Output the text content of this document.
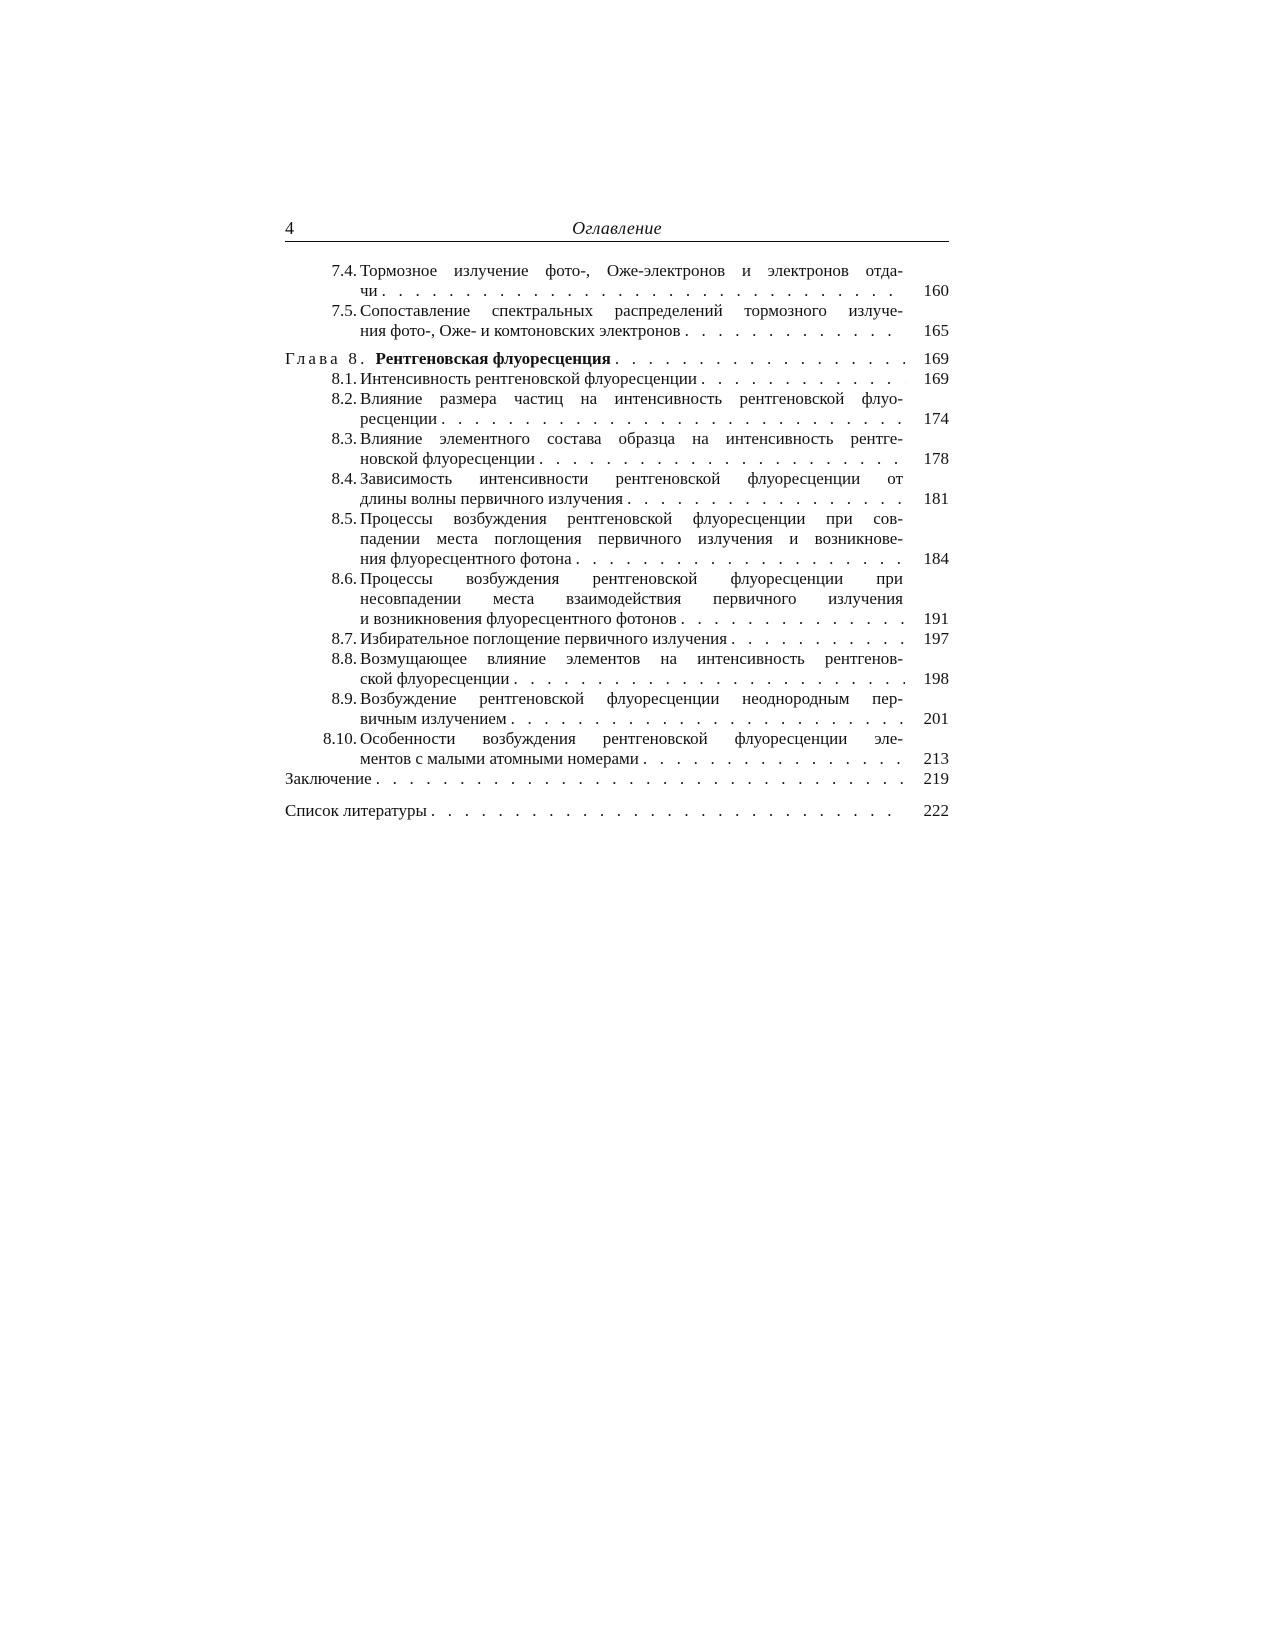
4	Оглавление
7.4. Тормозное излучение фото-, Оже-электронов и электронов отда-
чи . . .	160
7.5. Сопоставление спектральных распределений тормозного излуче-
ния фото-, Оже- и комтоновских электронов . . .	165
Глава 8. Рентгеновская флуоресценция . . .	169
8.1. Интенсивность рентгеновской флуоресценции . . .	169
8.2. Влияние размера частиц на интенсивность рентгеновской флуо-
ресценции . . .	174
8.3. Влияние элементного состава образца на интенсивность рентге-
новской флуоресценции . . .	178
8.4. Зависимость интенсивности рентгеновской флуоресценции от
длины волны первичного излучения . . .	181
8.5. Процессы возбуждения рентгеновской флуоресценции при сов-
падении места поглощения первичного излучения и возникнове-
ния флуоресцентного фотона . . .	184
8.6. Процессы возбуждения рентгеновской флуоресценции при
несовпадении места взаимодействия первичного излучения
и возникновения флуоресцентного фотонов . . .	191
8.7. Избирательное поглощение первичного излучения . . .	197
8.8. Возмущающее влияние элементов на интенсивность рентгенов-
ской флуоресценции . . .	198
8.9. Возбуждение рентгеновской флуоресценции неоднородным пер-
вичным излучением . . .	201
8.10. Особенности возбуждения рентгеновской флуоресценции эле-
ментов с малыми атомными номерами . . .	213
Заключение . . .	219
Список литературы . . .	222
